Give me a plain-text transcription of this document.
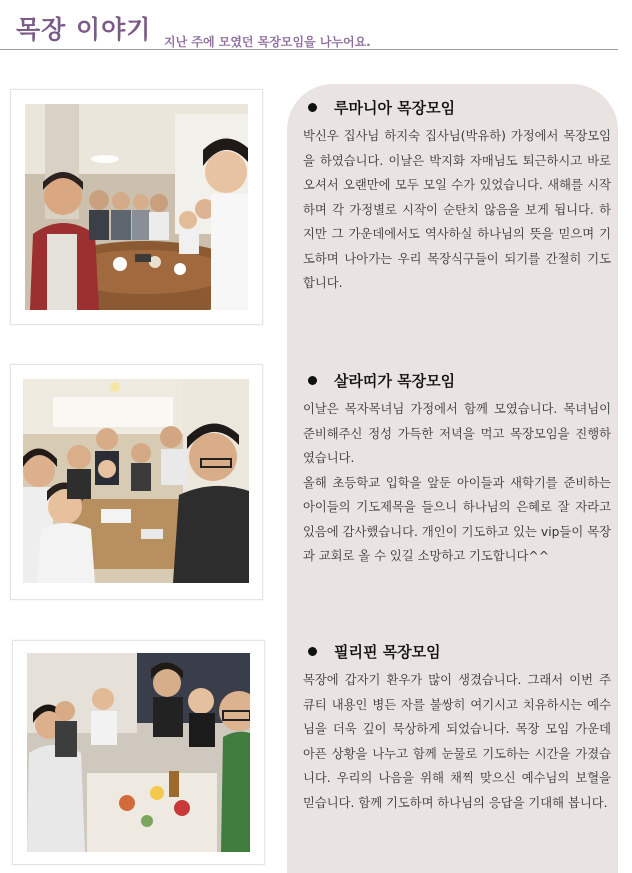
목장 이야기 지난 주에 모였던 목장모임을 나누어요.
루마니아 목장모임

박신우 집사님 하지숙 집사님(박유하) 가정에서 목장모임을 하였습니다. 이날은 박지화 자매님도 퇴근하시고 바로 오셔서 오랜만에 모두 모일 수가 있었습니다. 새해를 시작하며 각 가정별로 시작이 순탄치 않음을 보게 됩니다. 하지만 그 가운데에서도 역사하실 하나님의 뜻을 믿으며 기도하며 나아가는 우리 목장식구들이 되기를 간절히 기도합니다.

살라띠가 목장모임

이날은 목자목녀님 가정에서 함께 모였습니다. 목녀님이 준비해주신 정성 가득한 저녁을 먹고 목장모임을 진행하였습니다.
올해 초등학교 입학을 앞둔 아이들과 새학기를 준비하는 아이들의 기도제목을 들으니 하나님의 은혜로 잘 자라고 있음에 감사했습니다. 개인이 기도하고 있는 vip들이 목장과 교회로 올 수 있길 소망하고 기도합니다^^

필리핀 목장모임

목장에 갑자기 환우가 많이 생겼습니다. 그래서 이번 주 큐티 내용인 병든 자를 불쌍히 여기시고 치유하시는 예수님을 더욱 깊이 묵상하게 되었습니다. 목장 모임 가운데 아픈 상황을 나누고 함께 눈물로 기도하는 시간을 가졌습니다. 우리의 나음을 위해 채찍 맞으신 예수님의 보혈을 믿습니다. 함께 기도하며 하나님의 응답을 기대해 봅니다.
